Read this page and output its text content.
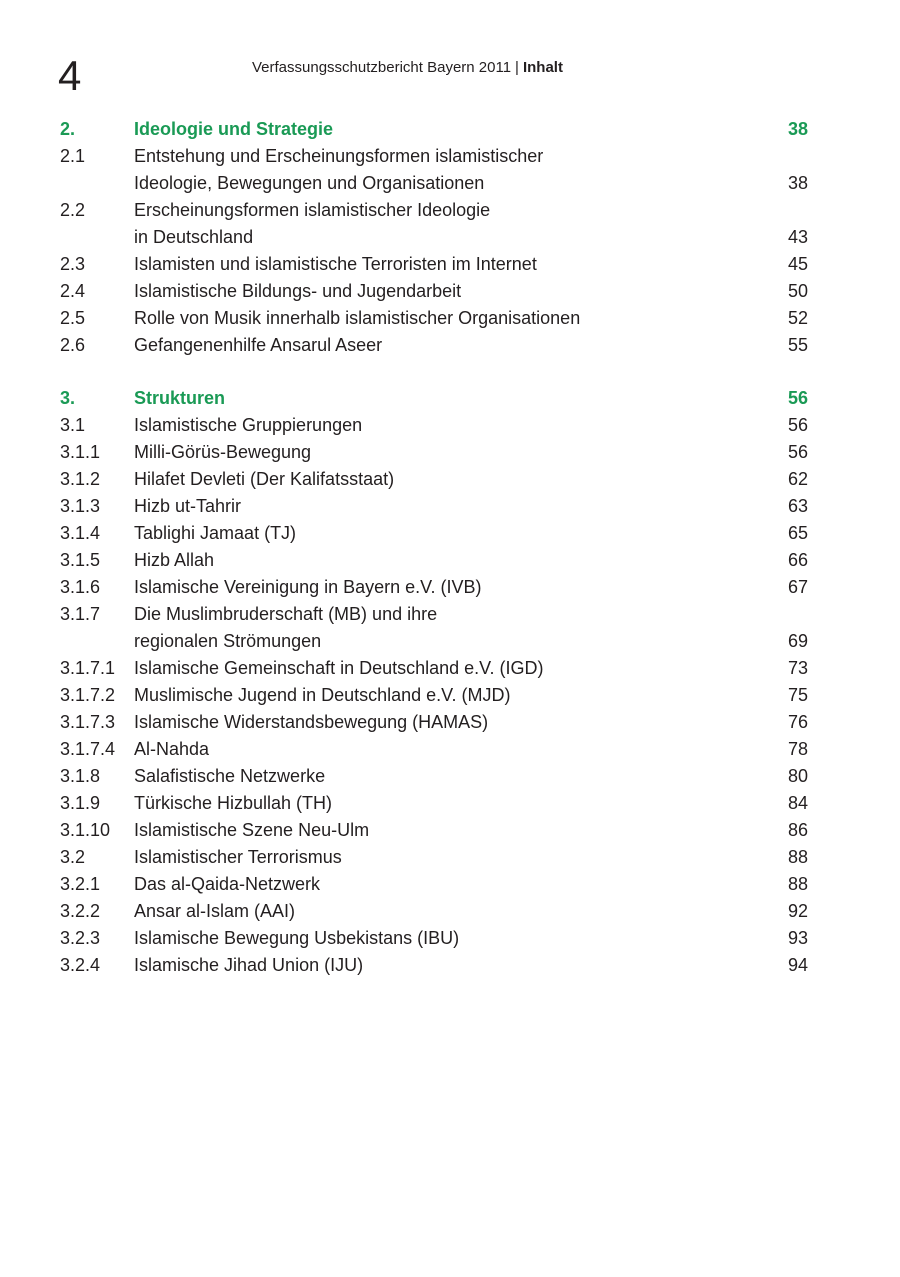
4	Verfassungsschutzbericht Bayern 2011 | Inhalt
2.	Ideologie und Strategie	38
2.1	Entstehung und Erscheinungsformen islamistischer
Ideologie, Bewegungen und Organisationen	38
2.2	Erscheinungsformen islamistischer Ideologie
in Deutschland	43
2.3	Islamisten und islamistische Terroristen im Internet	45
2.4	Islamistische Bildungs- und Jugendarbeit	50
2.5	Rolle von Musik innerhalb islamistischer Organisationen	52
2.6	Gefangenenhilfe Ansarul Aseer	55
3.	Strukturen	56
3.1	Islamistische Gruppierungen	56
3.1.1	Milli-Görüs-Bewegung	56
3.1.2	Hilafet Devleti (Der Kalifatsstaat)	62
3.1.3	Hizb ut-Tahrir	63
3.1.4	Tablighi Jamaat (TJ)	65
3.1.5	Hizb Allah	66
3.1.6	Islamische Vereinigung in Bayern e.V. (IVB)	67
3.1.7	Die Muslimbruderschaft (MB) und ihre
regionalen Strömungen	69
3.1.7.1	Islamische Gemeinschaft in Deutschland e.V. (IGD)	73
3.1.7.2	Muslimische Jugend in Deutschland e.V. (MJD)	75
3.1.7.3	Islamische Widerstandsbewegung (HAMAS)	76
3.1.7.4	Al-Nahda	78
3.1.8	Salafistische Netzwerke	80
3.1.9	Türkische Hizbullah (TH)	84
3.1.10	Islamistische Szene Neu-Ulm	86
3.2	Islamistischer Terrorismus	88
3.2.1	Das al-Qaida-Netzwerk	88
3.2.2	Ansar al-Islam (AAI)	92
3.2.3	Islamische Bewegung Usbekistans (IBU)	93
3.2.4	Islamische Jihad Union (IJU)	94
